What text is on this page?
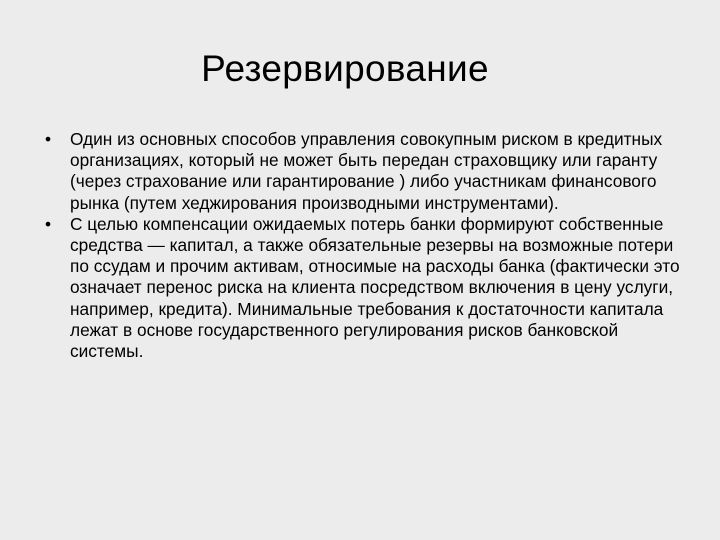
Резервирование
• Один из основных способов управления совокупным риском в кредитных организациях, который не может быть передан страховщику или гаранту (через страхование или гарантирование ) либо участникам финансового рынка (путем хеджирования производными инструментами).
• С целью компенсации ожидаемых потерь банки формируют собственные средства — капитал, а также обязательные резервы на возможные потери по ссудам и прочим активам, относимые на расходы банка (фактически это означает перенос риска на клиента посредством включения в цену услуги, например, кредита). Минимальные требования к достаточности капитала лежат в основе государственного регулирования рисков банковской системы.
